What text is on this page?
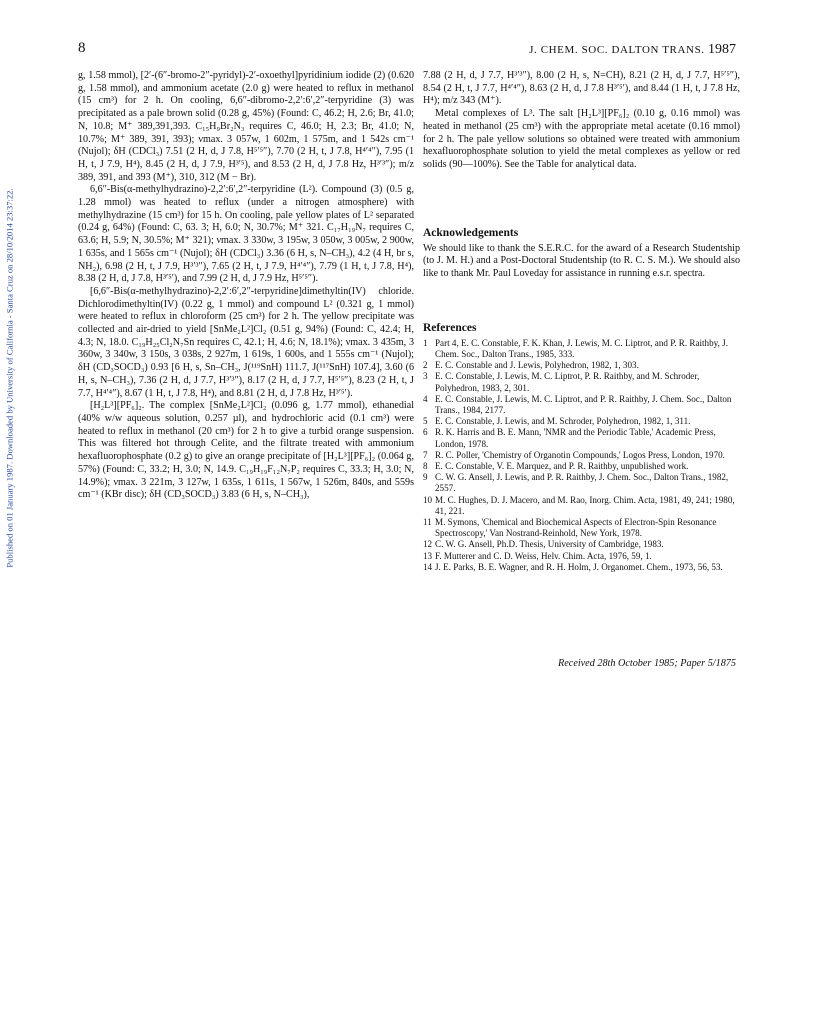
8	J. CHEM. SOC. DALTON TRANS. 1987
Published on 01 January 1987. Downloaded by University of California - Santa Cruz on 28/10/2014 23:37:22.

g, 1.58 mmol), [2′-(6″-bromo-2″-pyridyl)-2′-oxoethyl]pyridinium iodide (2) (0.620 g, 1.58 mmol), and ammonium acetate (2.0 g) were heated to reflux in methanol (15 cm³) for 2 h. On cooling, 6,6″-dibromo-2,2′:6′,2″-terpyridine (3) was precipitated as a pale brown solid (0.28 g, 45%) (Found: C, 46.2; H, 2.6; Br, 41.0; N, 10.8; M⁺ 389,391,393. C₁₅H₉Br₂N₃ requires C, 46.0; H, 2.3; Br, 41.0; N, 10.7%; M⁺ 389, 391, 393); νmax. 3 057w, 1 602m, 1 575m, and 1 542s cm⁻¹ (Nujol); δH (CDCl₃) 7.51 (2 H, d, J 7.8, H⁵′⁵″), 7.70 (2 H, t, J 7.8, H⁴′⁴″), 7.95 (1 H, t, J 7.9, H⁴), 8.45 (2 H, d, J 7.9, H³′⁵), and 8.53 (2 H, d, J 7.8 Hz, H³′³″); m/z 389, 391, and 393 (M⁺), 310, 312 (M − Br).

6,6″-Bis(α-methylhydrazino)-2,2′:6′,2″-terpyridine (L²). Compound (3) (0.5 g, 1.28 mmol) was heated to reflux (under a nitrogen atmosphere) with methylhydrazine (15 cm³) for 15 h. On cooling, pale yellow plates of L² separated (0.24 g, 64%) (Found: C, 63. 3; H, 6.0; N, 30.7%; M⁺ 321. C₁₇H₁₉N₇ requires C, 63.6; H, 5.9; N, 30.5%; M⁺ 321); νmax. 3 330w, 3 195w, 3 050w, 3 005w, 2 900w, 1 635s, and 1 565s cm⁻¹ (Nujol); δH (CDCl₃) 3.36 (6 H, s, N–CH₃), 4.2 (4 H, br s, NH₂), 6.98 (2 H, t, J 7.9, H³′³″), 7.65 (2 H, t, J 7.9, H⁴′⁴″), 7.79 (1 H, t, J 7.8, H⁴), 8.38 (2 H, d, J 7.8, H³′⁵′), and 7.99 (2 H, d, J 7.9 Hz, H⁵′⁵″).

[6,6″-Bis(α-methylhydrazino)-2,2′:6′,2″-terpyridine]dimethyltin(IV) chloride. Dichlorodimethyltin(IV) (0.22 g, 1 mmol) and compound L² (0.321 g, 1 mmol) were heated to reflux in chloroform (25 cm³) for 2 h. The yellow precipitate was collected and air-dried to yield [SnMe₂L²]Cl₂ (0.51 g, 94%) (Found: C, 42.4; H, 4.3; N, 18.0. C₁₉H₂₅Cl₂N₇Sn requires C, 42.1; H, 4.6; N, 18.1%); νmax. 3 435m, 3 360w, 3 340w, 3 150s, 3 038s, 2 927m, 1 619s, 1 600s, and 1 555s cm⁻¹ (Nujol); δH (CD₃SOCD₃) 0.93 [6 H, s, Sn–CH₃, J(¹¹⁹SnH) 111.7, J(¹¹⁷SnH) 107.4], 3.60 (6 H, s, N–CH₃), 7.36 (2 H, d, J 7.7, H³′³″), 8.17 (2 H, d, J 7.7, H⁵′⁵″), 8.23 (2 H, t, J 7.7, H⁴′⁴″), 8.67 (1 H, t, J 7.8, H⁴), and 8.81 (2 H, d, J 7.8 Hz, H³′⁵′).

[H₂L³][PF₆]₂. The complex [SnMe₂L²]Cl₂ (0.096 g, 1.77 mmol), ethanedial (40% w/w aqueous solution, 0.257 µl), and hydrochloric acid (0.1 cm³) were heated to reflux in methanol (20 cm³) for 2 h to give a turbid orange suspension. This was filtered hot through Celite, and the filtrate treated with ammonium hexafluorophosphate (0.2 g) to give an orange precipitate of [H₂L³][PF₆]₂ (0.064 g, 57%) (Found: C, 33.2; H, 3.0; N, 14.9. C₁₉H₁₉F₁₂N₇P₂ requires C, 33.3; H, 3.0; N, 14.9%); νmax. 3 221m, 3 127w, 1 635s, 1 611s, 1 567w, 1 526m, 840s, and 559s cm⁻¹ (KBr disc); δH (CD₃SOCD₃) 3.83 (6 H, s, N–CH₃),

7.88 (2 H, d, J 7.7, H³′³″), 8.00 (2 H, s, N=CH), 8.21 (2 H, d, J 7.7, H⁵′⁵″), 8.54 (2 H, t, J 7.7, H⁴′⁴″), 8.63 (2 H, d, J 7.8 H³′⁵′), and 8.44 (1 H, t, J 7.8 Hz, H⁴); m/z 343 (M⁺).

Metal complexes of L³. The salt [H₂L³][PF₆]₂ (0.10 g, 0.16 mmol) was heated in methanol (25 cm³) with the appropriate metal acetate (0.16 mmol) for 2 h. The pale yellow solutions so obtained were treated with ammonium hexafluorophosphate solution to yield the metal complexes as yellow or red solids (90—100%). See the Table for analytical data.

Acknowledgements

We should like to thank the S.E.R.C. for the award of a Research Studentship (to J. M. H.) and a Post-Doctoral Studentship (to R. C. S. M.). We should also like to thank Mr. Paul Loveday for assistance in running e.s.r. spectra.

References
1 Part 4, E. C. Constable, F. K. Khan, J. Lewis, M. C. Liptrot, and P. R. Raithby, J. Chem. Soc., Dalton Trans., 1985, 333.
2 E. C. Constable and J. Lewis, Polyhedron, 1982, 1, 303.
3 E. C. Constable, J. Lewis, M. C. Liptrot, P. R. Raithby, and M. Schroder, Polyhedron, 1983, 2, 301.
4 E. C. Constable, J. Lewis, M. C. Liptrot, and P. R. Raithby, J. Chem. Soc., Dalton Trans., 1984, 2177.
5 E. C. Constable, J. Lewis, and M. Schroder, Polyhedron, 1982, 1, 311.
6 R. K. Harris and B. E. Mann, 'NMR and the Periodic Table,' Academic Press, London, 1978.
7 R. C. Poller, 'Chemistry of Organotin Compounds,' Logos Press, London, 1970.
8 E. C. Constable, V. E. Marquez, and P. R. Raithby, unpublished work.
9 C. W. G. Ansell, J. Lewis, and P. R. Raithby, J. Chem. Soc., Dalton Trans., 1982, 2557.
10 M. C. Hughes, D. J. Macero, and M. Rao, Inorg. Chim. Acta, 1981, 49, 241; 1980, 41, 221.
11 M. Symons, 'Chemical and Biochemical Aspects of Electron-Spin Resonance Spectroscopy,' Van Nostrand-Reinhold, New York, 1978.
12 C. W. G. Ansell, Ph.D. Thesis, University of Cambridge, 1983.
13 F. Mutterer and C. D. Weiss, Helv. Chim. Acta, 1976, 59, 1.
14 J. E. Parks, B. E. Wagner, and R. H. Holm, J. Organomet. Chem., 1973, 56, 53.
Received 28th October 1985; Paper 5/1875
